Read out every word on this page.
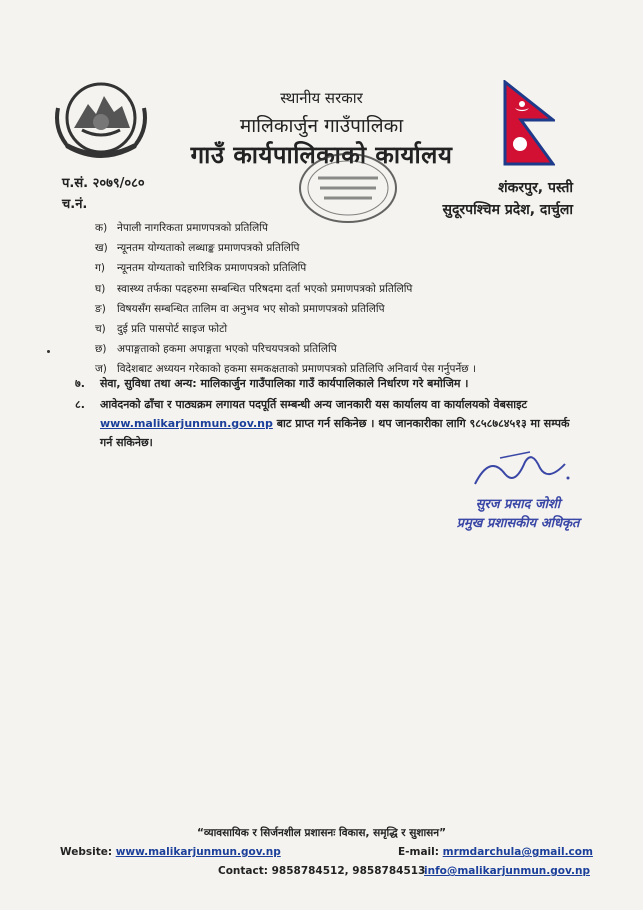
स्थानीय सरकार
मालिकार्जुन गाउँपालिका
गाउँ कार्यपालिकाको कार्यालय
प.सं. २०७९/०८०
च.नं.
शंकरपुर, पस्ती
सुदूरपश्चिम प्रदेश, दार्चुला
क) नेपाली नागरिकता प्रमाणपत्रको प्रतिलिपि
ख) न्यूनतम योग्यताको लब्धाङ्क प्रमाणपत्रको प्रतिलिपि
ग) न्यूनतम योग्यताको चारित्रिक प्रमाणपत्रको प्रतिलिपि
घ) स्वास्थ्य तर्फका पदहरुमा सम्बन्धित परिषदमा दर्ता भएको प्रमाणपत्रको प्रतिलिपि
ङ) विषयसँग सम्बन्धित तालिम वा अनुभव भए सोको प्रमाणपत्रको प्रतिलिपि
च) दुई प्रति पासपोर्ट साइज फोटो
छ) अपाङ्गताको हकमा अपाङ्गता भएको परिचयपत्रको प्रतिलिपि
ज) विदेशबाट अध्ययन गरेकाको हकमा समकक्षताको प्रमाणपत्रको प्रतिलिपि अनिवार्य पेस गर्नुपर्नेछ ।
७. सेवा, सुविधा तथा अन्य: मालिकार्जुन गाउँपालिका गाउँ कार्यपालिकाले निर्धारण गरे बमोजिम ।
८. आवेदनको ढाँचा र पाठ्यक्रम लगायत पदपूर्ति सम्बन्धी अन्य जानकारी यस कार्यालय वा कार्यालयको वेबसाइट www.malikarjunmun.gov.np बाट प्राप्त गर्न सकिनेछ । थप जानकारीका लागि ९८५८७८४५१३ मा सम्पर्क गर्न सकिनेछ।
सुरज प्रसाद जोशी
प्रमुख प्रशासकीय अधिकृत
“व्यावसायिक र सिर्जनशील प्रशासनः विकास, समृद्धि र सुशासन”
Website: www.malikarjunmun.gov.np	E-mail: mrmdarchula@gmail.com
Contact: 9858784512, 9858784513
info@malikarjunmun.gov.np
